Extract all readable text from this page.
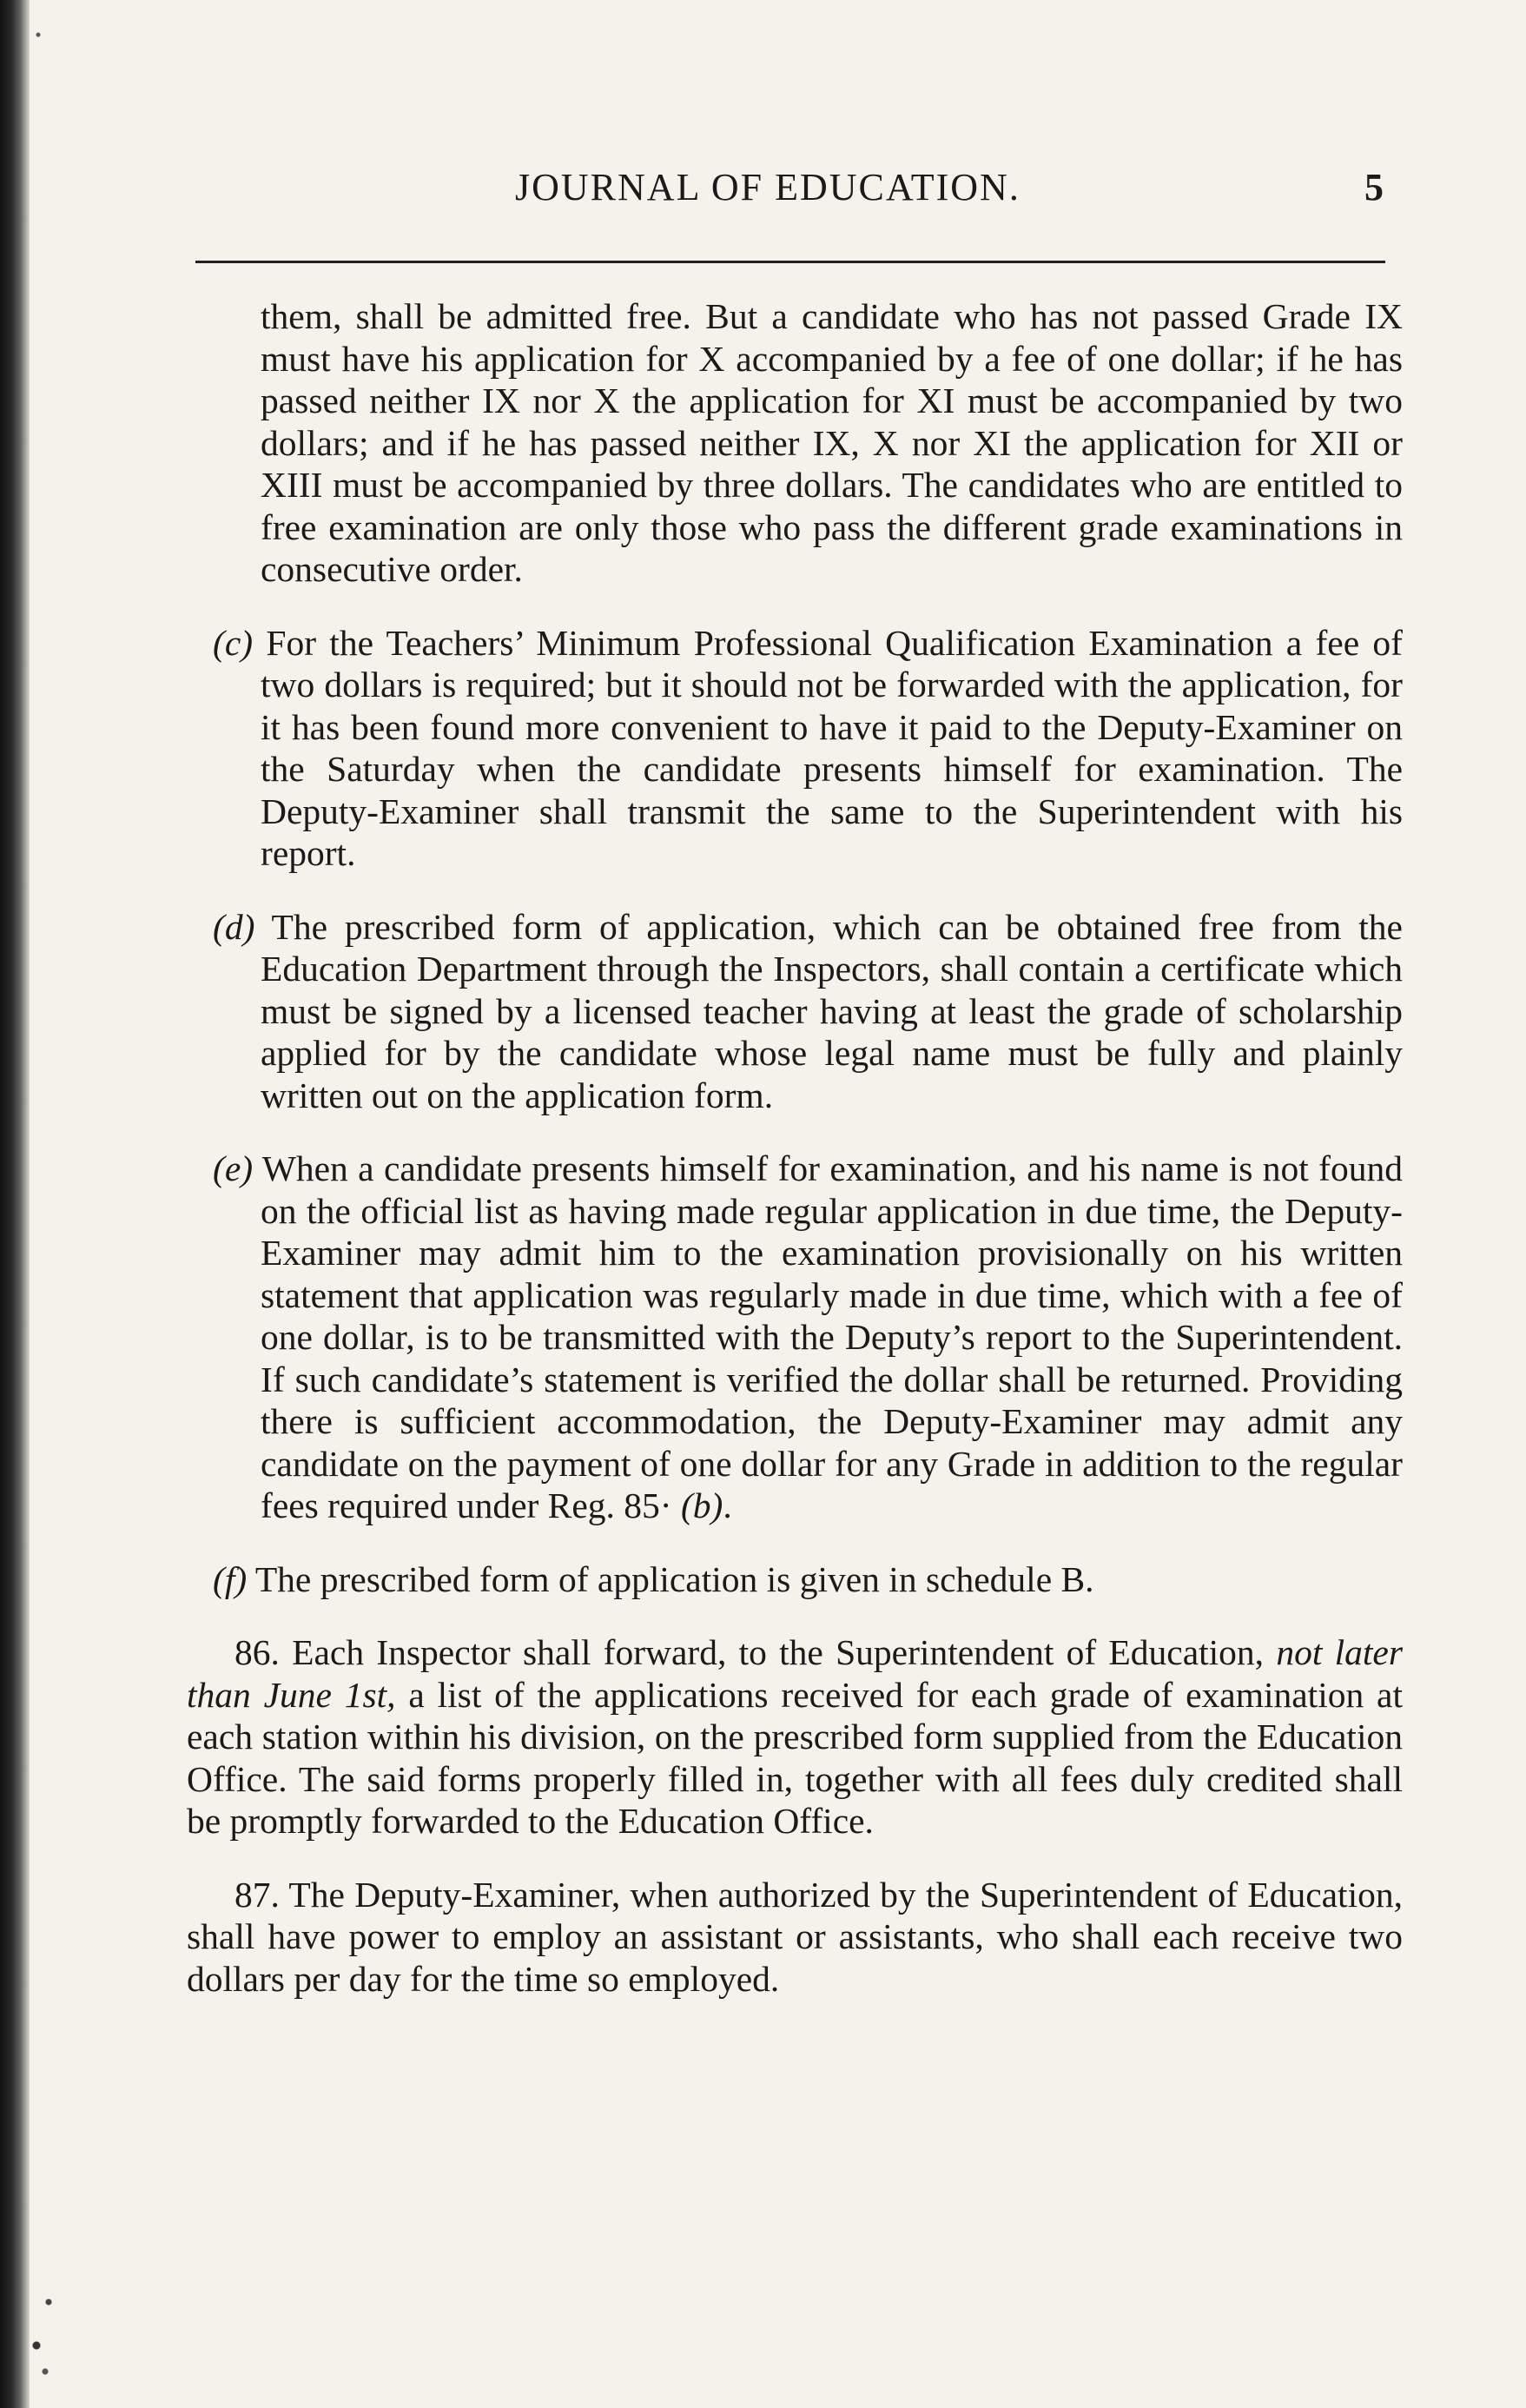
JOURNAL OF EDUCATION.	5

them, shall be admitted free. But a candidate who has not passed Grade IX must have his application for X accompanied by a fee of one dollar; if he has passed neither IX nor X the application for XI must be accompanied by two dollars; and if he has passed neither IX, X nor XI the application for XII or XIII must be accompanied by three dollars. The candidates who are entitled to free examination are only those who pass the different grade examinations in consecutive order.

(c) For the Teachers’ Minimum Professional Qualification Examination a fee of two dollars is required; but it should not be forwarded with the application, for it has been found more convenient to have it paid to the Deputy-Examiner on the Saturday when the candidate presents himself for examination. The Deputy-Examiner shall transmit the same to the Superintendent with his report.

(d) The prescribed form of application, which can be obtained free from the Education Department through the Inspectors, shall contain a certificate which must be signed by a licensed teacher having at least the grade of scholarship applied for by the candidate whose legal name must be fully and plainly written out on the application form.

(e) When a candidate presents himself for examination, and his name is not found on the official list as having made regular application in due time, the Deputy-Examiner may admit him to the examination provisionally on his written statement that application was regularly made in due time, which with a fee of one dollar, is to be transmitted with the Deputy’s report to the Superintendent. If such candidate’s statement is verified the dollar shall be returned. Providing there is sufficient accommodation, the Deputy-Examiner may admit any candidate on the payment of one dollar for any Grade in addition to the regular fees required under Reg. 85· (b).

(f) The prescribed form of application is given in schedule B.

86. Each Inspector shall forward, to the Superintendent of Education, not later than June 1st, a list of the applications received for each grade of examination at each station within his division, on the prescribed form supplied from the Education Office. The said forms properly filled in, together with all fees duly credited shall be promptly forwarded to the Education Office.

87. The Deputy-Examiner, when authorized by the Superintendent of Education, shall have power to employ an assistant or assistants, who shall each receive two dollars per day for the time so employed.
